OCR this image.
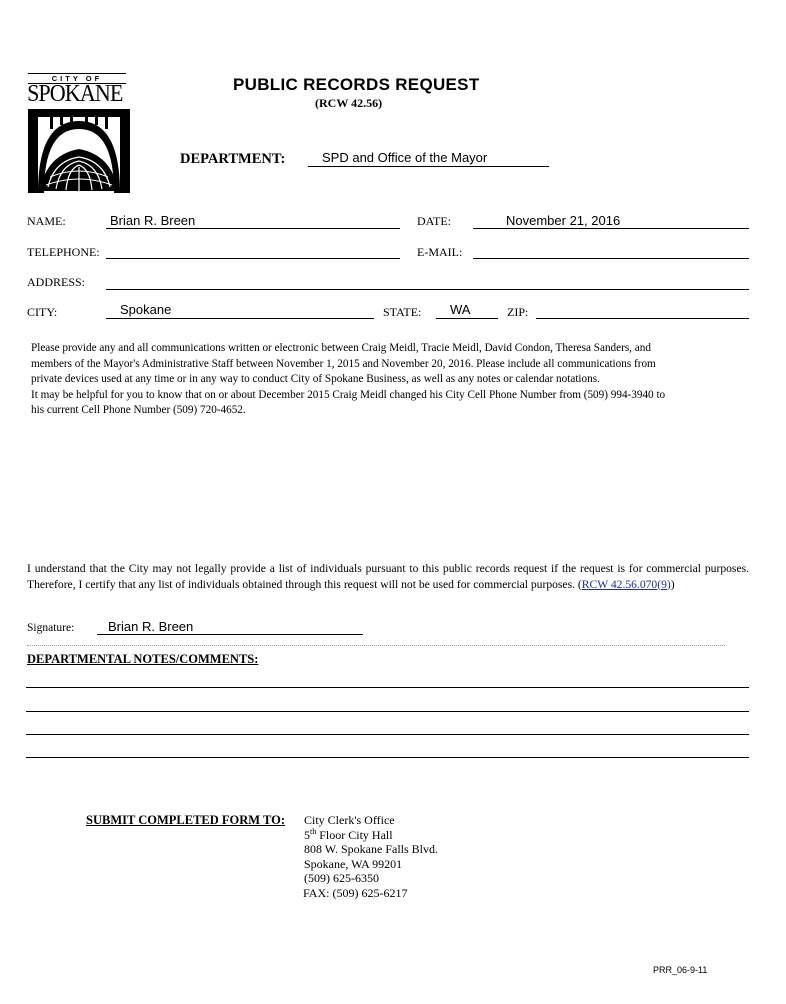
CITY OF
SPOKANE	PUBLIC RECORDS REQUEST
(RCW 42.56)
DEPARTMENT:	SPD and Office of the Mayor
NAME:	Brian R. Breen	DATE:	November 21, 2016
TELEPHONE:	E-MAIL:
ADDRESS:
CITY:	Spokane	STATE: WA	ZIP:
Please provide any and all communications written or electronic between Craig Meidl, Tracie Meidl, David Condon, Theresa Sanders, and
members of the Mayor's Administrative Staff between November 1, 2015 and November 20, 2016. Please include all communications from
private devices used at any time or in any way to conduct City of Spokane Business, as well as any notes or calendar notations.
It may be helpful for you to know that on or about December 2015 Craig Meidl changed his City Cell Phone Number from (509) 994-3940 to
his current Cell Phone Number (509) 720-4652.
I understand that the City may not legally provide a list of individuals pursuant to this public records request if the request is for commercial purposes. Therefore, I certify that any list of individuals obtained through this request will not be used for commercial purposes. (RCW 42.56.070(9))
Signature:	Brian R. Breen
DEPARTMENTAL NOTES/COMMENTS:
SUBMIT COMPLETED FORM TO: City Clerk's Office
5th Floor City Hall
808 W. Spokane Falls Blvd.
Spokane, WA 99201
(509) 625-6350
FAX: (509) 625-6217
PRR_06-9-11
